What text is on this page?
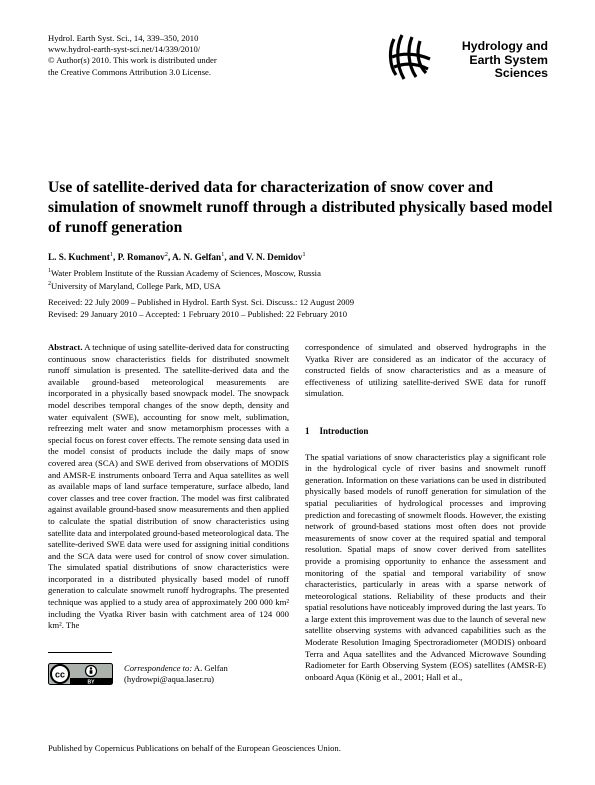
Hydrol. Earth Syst. Sci., 14, 339–350, 2010
www.hydrol-earth-syst-sci.net/14/339/2010/
© Author(s) 2010. This work is distributed under
the Creative Commons Attribution 3.0 License.
Hydrology and
Earth System
Sciences
Use of satellite-derived data for characterization of snow cover and simulation of snowmelt runoff through a distributed physically based model of runoff generation
L. S. Kuchment$^1$, P. Romanov$^2$, A. N. Gelfan$^1$, and V. N. Demidov$^1$
$^1$Water Problem Institute of the Russian Academy of Sciences, Moscow, Russia
$^2$University of Maryland, College Park, MD, USA
Received: 22 July 2009 – Published in Hydrol. Earth Syst. Sci. Discuss.: 12 August 2009
Revised: 29 January 2010 – Accepted: 1 February 2010 – Published: 22 February 2010

Abstract. A technique of using satellite-derived data for constructing continuous snow characteristics fields for distributed snowmelt runoff simulation is presented. The satellite-derived data and the available ground-based meteorological measurements are incorporated in a physically based snowpack model. The snowpack model describes temporal changes of the snow depth, density and water equivalent (SWE), accounting for snow melt, sublimation, refreezing melt water and snow metamorphism processes with a special focus on forest cover effects. The remote sensing data used in the model consist of products include the daily maps of snow covered area (SCA) and SWE derived from observations of MODIS and AMSR-E instruments onboard Terra and Aqua satellites as well as available maps of land surface temperature, surface albedo, land cover classes and tree cover fraction. The model was first calibrated against available ground-based snow measurements and then applied to calculate the spatial distribution of snow characteristics using satellite data and interpolated ground-based meteorological data. The satellite-derived SWE data were used for assigning initial conditions and the SCA data were used for control of snow cover simulation. The simulated spatial distributions of snow characteristics were incorporated in a distributed physically based model of runoff generation to calculate snowmelt runoff hydrographs. The presented technique was applied to a study area of approximately 200 000 km² including the Vyatka River basin with catchment area of 124 000 km². The

correspondence of simulated and observed hydrographs in the Vyatka River are considered as an indicator of the accuracy of constructed fields of snow characteristics and as a measure of effectiveness of utilizing satellite-derived SWE data for runoff simulation.

1 Introduction

The spatial variations of snow characteristics play a significant role in the hydrological cycle of river basins and snowmelt runoff generation. Information on these variations can be used in distributed physically based models of runoff generation for simulation of the spatial peculiarities of hydrological processes and improving prediction and forecasting of snowmelt floods. However, the existing network of ground-based stations most often does not provide measurements of snow cover at the required spatial and temporal resolution. Spatial maps of snow cover derived from satellites provide a promising opportunity to enhance the assessment and monitoring of the spatial and temporal variability of snow characteristics, particularly in areas with a sparse network of meteorological stations. Reliability of these products and their spatial resolutions have noticeably improved during the last years. To a large extent this improvement was due to the launch of several new satellite observing systems with advanced capabilities such as the Moderate Resolution Imaging Spectroradiometer (MODIS) onboard Terra and Aqua satellites and the Advanced Microwave Sounding Radiometer for Earth Observing System (EOS) satellites (AMSR-E) onboard Aqua (König et al., 2001; Hall et al.,

cc
BY
Correspondence to: A. Gelfan
(hydrowpi@aqua.laser.ru)
Published by Copernicus Publications on behalf of the European Geosciences Union.
